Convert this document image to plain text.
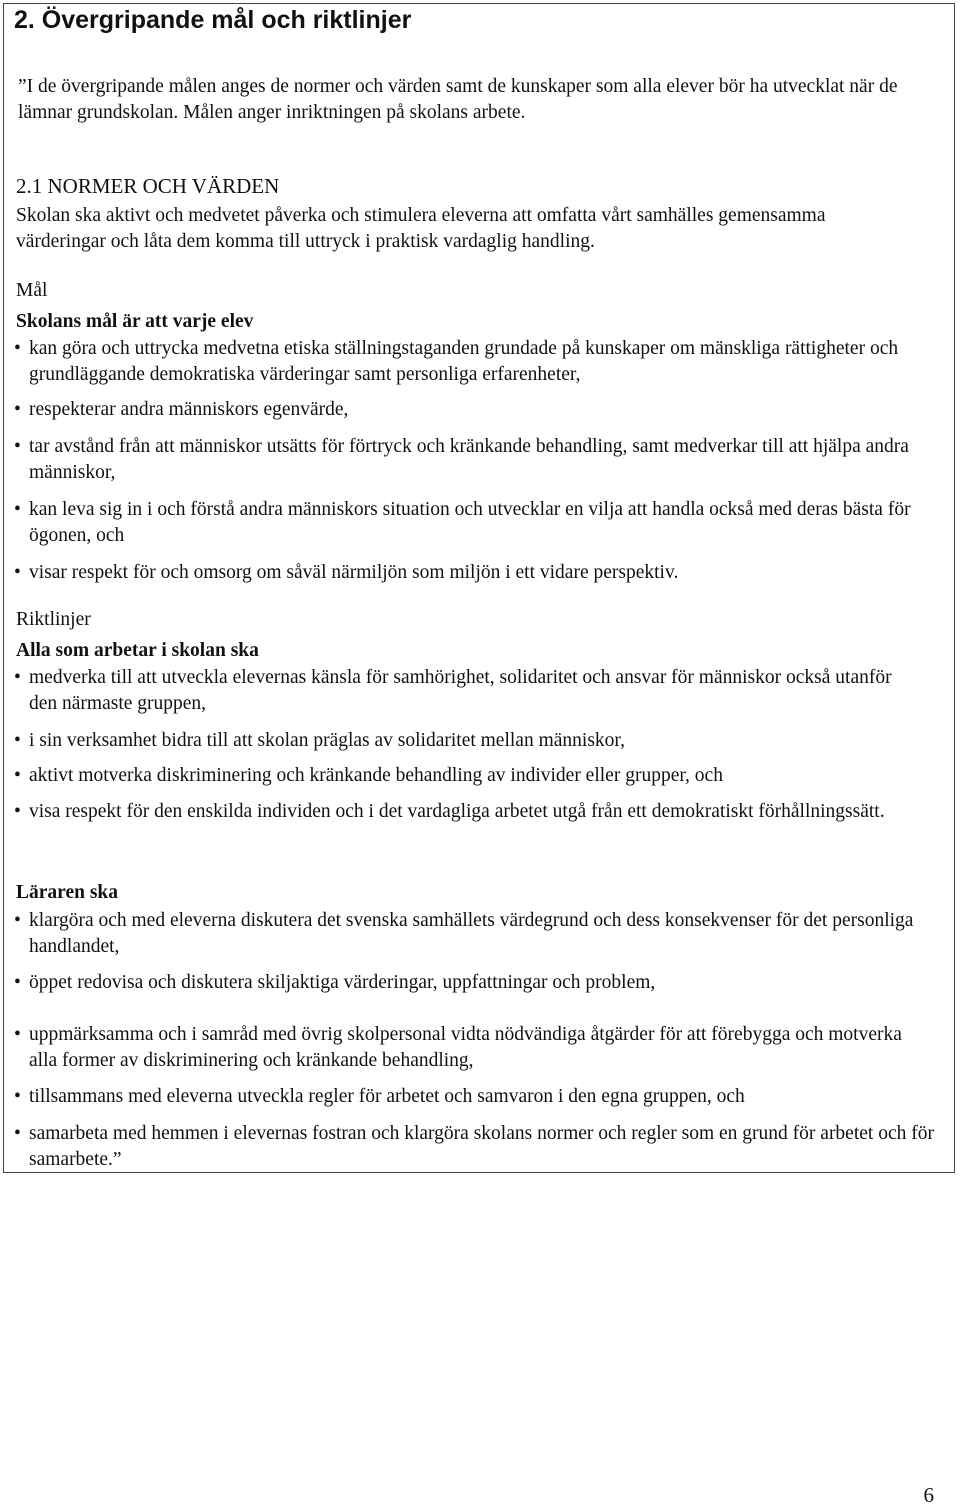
2. Övergripande mål och riktlinjer

”I de övergripande målen anges de normer och värden samt de kunskaper som alla elever bör ha utvecklat när de lämnar grundskolan. Målen anger inriktningen på skolans arbete.

2.1 NORMER OCH VÄRDEN

Skolan ska aktivt och medvetet påverka och stimulera eleverna att omfatta vårt samhälles gemensamma värderingar och låta dem komma till uttryck i praktisk vardaglig handling.

Mål

Skolans mål är att varje elev

• kan göra och uttrycka medvetna etiska ställningstaganden grundade på kunskaper om mänskliga rättigheter och grundläggande demokratiska värderingar samt personliga erfarenheter,
• respekterar andra människors egenvärde,
• tar avstånd från att människor utsätts för förtryck och kränkande behandling, samt medverkar till att hjälpa andra människor,
• kan leva sig in i och förstå andra människors situation och utvecklar en vilja att handla också med deras bästa för ögonen, och
• visar respekt för och omsorg om såväl närmiljön som miljön i ett vidare perspektiv.

Riktlinjer

Alla som arbetar i skolan ska

• medverka till att utveckla elevernas känsla för samhörighet, solidaritet och ansvar för människor också utanför den närmaste gruppen,
• i sin verksamhet bidra till att skolan präglas av solidaritet mellan människor,
• aktivt motverka diskriminering och kränkande behandling av individer eller grupper, och
• visa respekt för den enskilda individen och i det vardagliga arbetet utgå från ett demokratiskt förhållningssätt.

Läraren ska

• klargöra och med eleverna diskutera det svenska samhällets värdegrund och dess konsekvenser för det personliga handlandet,
• öppet redovisa och diskutera skiljaktiga värderingar, uppfattningar och problem,
• uppmärksamma och i samråd med övrig skolpersonal vidta nödvändiga åtgärder för att förebygga och motverka alla former av diskriminering och kränkande behandling,
• tillsammans med eleverna utveckla regler för arbetet och samvaron i den egna gruppen, och
• samarbeta med hemmen i elevernas fostran och klargöra skolans normer och regler som en grund för arbetet och för samarbete.”
6
